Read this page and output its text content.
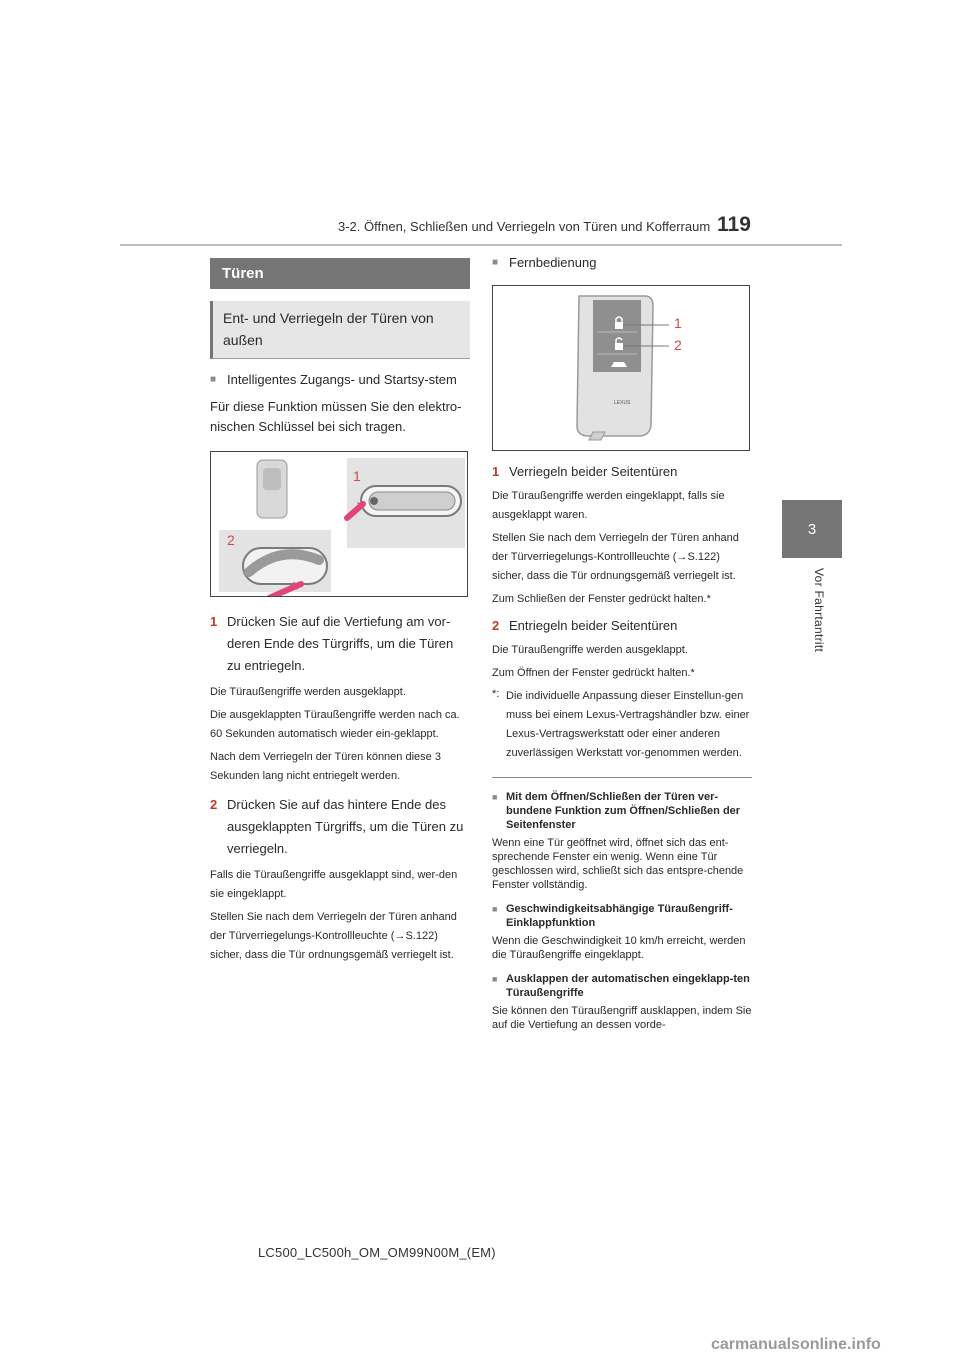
3-2. Öffnen, Schließen und Verriegeln von Türen und Kofferraum 119
3
Vor Fahrtantritt
Türen
Ent- und Verriegeln der Türen von außen
■ Intelligentes Zugangs- und Startsy-stem
Für diese Funktion müssen Sie den elektro-nischen Schlüssel bei sich tragen.
1
2
1 Drücken Sie auf die Vertiefung am vor-deren Ende des Türgriffs, um die Türen zu entriegeln.
Die Türaußengriffe werden ausgeklappt.
Die ausgeklappten Türaußengriffe werden nach ca. 60 Sekunden automatisch wieder ein-geklappt.
Nach dem Verriegeln der Türen können diese 3 Sekunden lang nicht entriegelt werden.
2 Drücken Sie auf das hintere Ende des ausgeklappten Türgriffs, um die Türen zu verriegeln.
Falls die Türaußengriffe ausgeklappt sind, wer-den sie eingeklappt.
Stellen Sie nach dem Verriegeln der Türen anhand der Türverriegelungs-Kontrollleuchte (→S.122) sicher, dass die Tür ordnungsgemäß verriegelt ist.
■ Fernbedienung
LEXUS
1
2
1 Verriegeln beider Seitentüren
Die Türaußengriffe werden eingeklappt, falls sie ausgeklappt waren.
Stellen Sie nach dem Verriegeln der Türen anhand der Türverriegelungs-Kontrollleuchte (→S.122) sicher, dass die Tür ordnungsgemäß verriegelt ist.
Zum Schließen der Fenster gedrückt halten.*
2 Entriegeln beider Seitentüren
Die Türaußengriffe werden ausgeklappt.
Zum Öffnen der Fenster gedrückt halten.*
*: Die individuelle Anpassung dieser Einstellun-gen muss bei einem Lexus-Vertragshändler bzw. einer Lexus-Vertragswerkstatt oder einer anderen zuverlässigen Werkstatt vor-genommen werden.
■ Mit dem Öffnen/Schließen der Türen ver-bundene Funktion zum Öffnen/Schließen der Seitenfenster
Wenn eine Tür geöffnet wird, öffnet sich das ent-sprechende Fenster ein wenig. Wenn eine Tür geschlossen wird, schließt sich das entspre-chende Fenster vollständig.
■ Geschwindigkeitsabhängige Türaußengriff-Einklappfunktion
Wenn die Geschwindigkeit 10 km/h erreicht, werden die Türaußengriffe eingeklappt.
■ Ausklappen der automatischen eingeklapp-ten Türaußengriffe
Sie können den Türaußengriff ausklappen, indem Sie auf die Vertiefung an dessen vorde-
LC500_LC500h_OM_OM99N00M_(EM)
carmanualsonline.info
